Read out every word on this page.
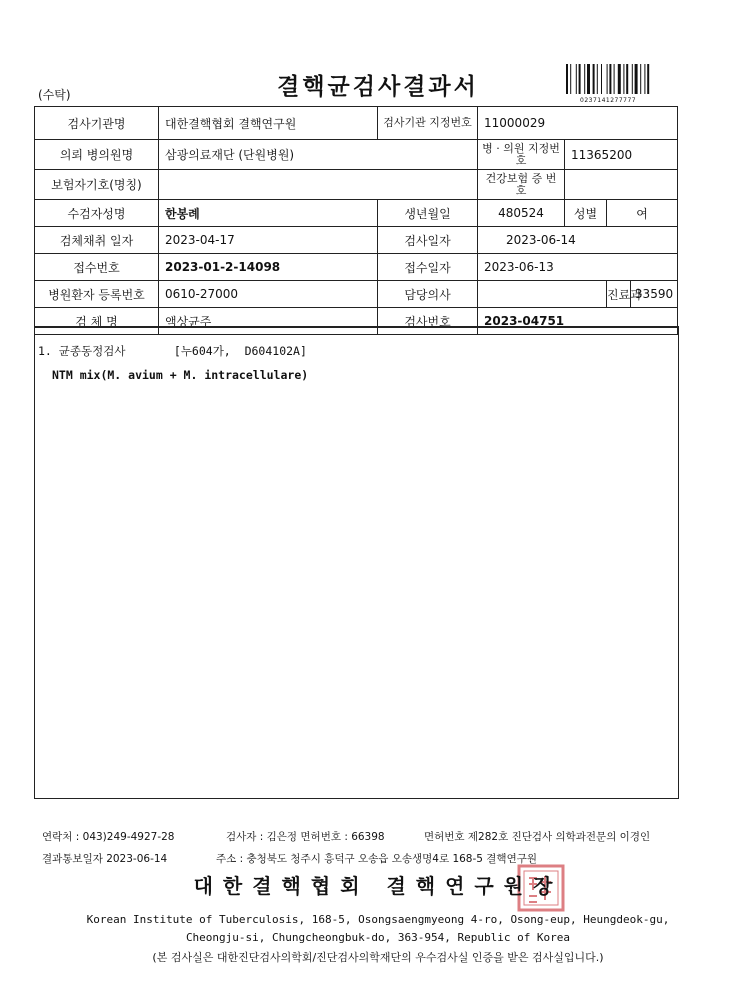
(수탁)	결핵균검사결과서
0237141277777
검사기관명	대한결핵협회 결핵연구원	검사기관 지정번호	11000029			
의뢰 병의원명	삼광의료재단 (단원병원)		병 · 의원 지정번호	11365200		
보험자기호(명칭)			건강보험 증 번 호			
수검자성명	한봉례	생년월일	480524	성별	여	
검체채취 일자	2023-04-17	검사일자	2023-06-14			
접수번호	2023-01-2-14098	접수일자	2023-06-13			
병원환자 등록번호	0610-27000	담당의사			진료과	33590
검 체 명	액상균주	검사번호	2023-04751			
1. 균종동정검사       [누604가,  D604102A]
NTM mix(M. avium + M. intracellulare)
연락처 : 043)249-4927-28	검사자 : 김은정 면허번호 : 66398	면허번호 제282호 진단검사 의학과전문의 이경인
결과통보일자 2023-06-14	주소 : 충청북도 청주시 흥덕구 오송읍 오송생명4로 168-5 결핵연구원
대한결핵협회 결핵연구원장
Korean Institute of Tuberculosis, 168-5, Osongsaengmyeong 4-ro, Osong-eup, Heungdeok-gu,
Cheongju-si, Chungcheongbuk-do, 363-954, Republic of Korea
(본 검사실은 대한진단검사의학회/진단검사의학재단의 우수검사실 인증을 받은 검사실입니다.)
